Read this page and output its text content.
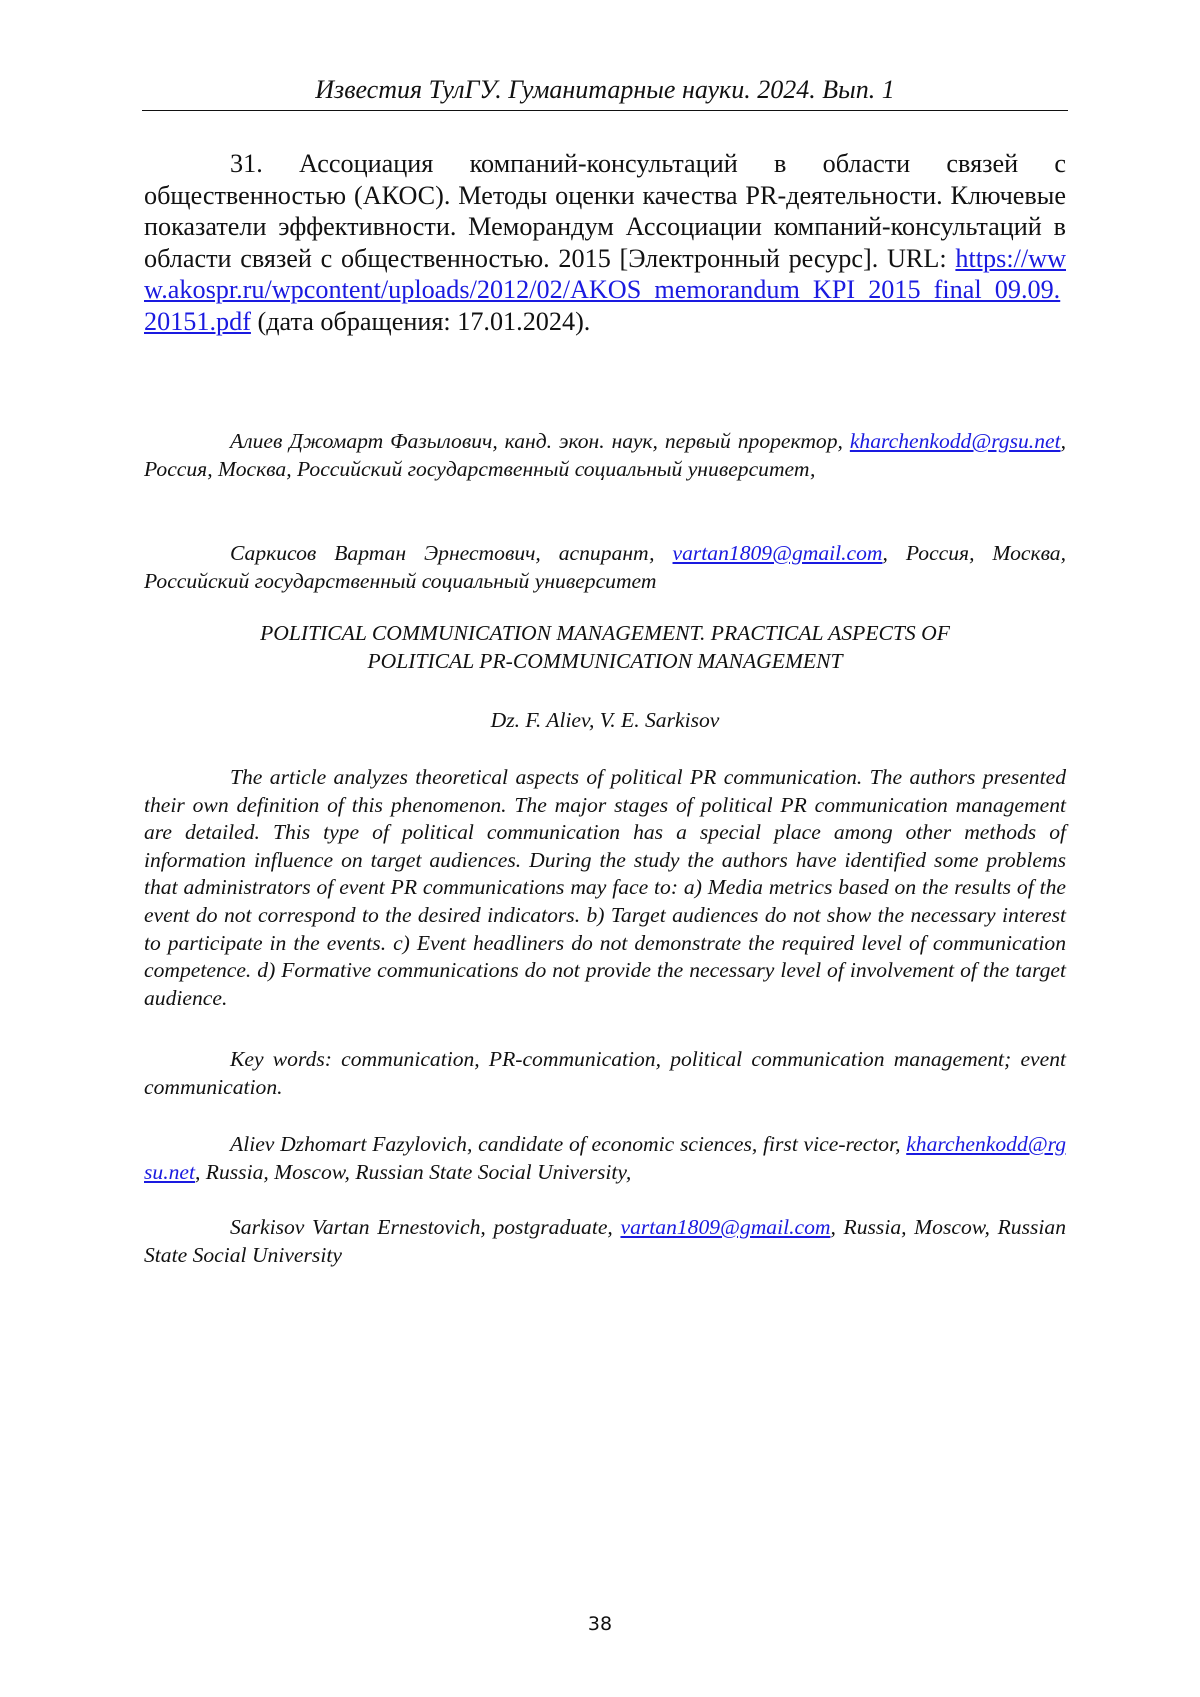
Известия ТулГУ. Гуманитарные науки. 2024. Вып. 1
31. Ассоциация компаний-консультаций в области связей с общественностью (АКОС). Методы оценки качества PR-деятельности. Ключевые показатели эффективности. Меморандум Ассоциации компаний-консультаций в области связей с общественностью. 2015 [Электронный ресурс]. URL: https://www.akospr.ru/wpcontent/uploads/2012/02/AKOS_memorandum_KPI_2015_final_09.09.20151.pdf (дата обращения: 17.01.2024).
Алиев Джомарт Фазылович, канд. экон. наук, первый проректор, kharchenkodd@rgsu.net, Россия, Москва, Российский государственный социальный университет,
Саркисов Вартан Эрнестович, аспирант, vartan1809@gmail.com, Россия, Москва, Российский государственный социальный университет
POLITICAL COMMUNICATION MANAGEMENT. PRACTICAL ASPECTS OF
POLITICAL PR-COMMUNICATION MANAGEMENT
Dz. F. Aliev, V. E. Sarkisov
The article analyzes theoretical aspects of political PR communication. The authors presented their own definition of this phenomenon. The major stages of political PR communication management are detailed. This type of political communication has a special place among other methods of information influence on target audiences. During the study the authors have identified some problems that administrators of event PR communications may face to: a) Media metrics based on the results of the event do not correspond to the desired indicators. b) Target audiences do not show the necessary interest to participate in the events. c) Event headliners do not demonstrate the required level of communication competence. d) Formative communications do not provide the necessary level of involvement of the target audience.
Key words: communication, PR-communication, political communication management; event communication.
Aliev Dzhomart Fazylovich, candidate of economic sciences, first vice-rector, kharchenkodd@rgsu.net, Russia, Moscow, Russian State Social University,
Sarkisov Vartan Ernestovich, postgraduate, vartan1809@gmail.com, Russia, Moscow, Russian State Social University
38
